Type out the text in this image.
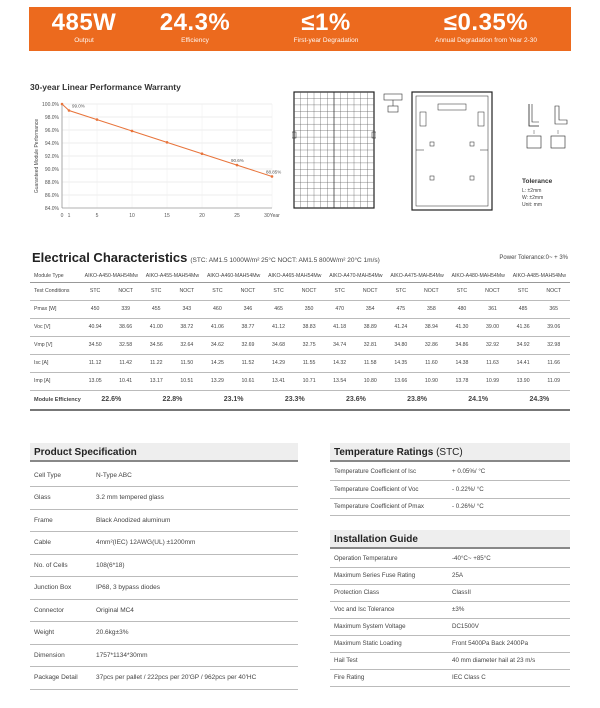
485W
Output
24.3%
Efficiency
≤1%
First-year Degradation
≤0.35%
Annual Degradation from Year 2-30
30-year Linear Performance Warranty
100.0%
98.0%
96.0%
94.0%
92.0%
90.0%
88.0%
86.0%
84.0%
0 1	5	10	15	20	25	30Year
Guaranteed Module Performance
99.0%
90.6%
88.85%
Tolerance
L: ±2mm
W: ±2mm
Unit: mm
Electrical Characteristics (STC: AM1.5 1000W/m² 25°C NOCT: AM1.5 800W/m² 20°C 1m/s)	Power Tolerance:0~ + 3%
Module Type	AIKO-A450-MAH54Mw		AIKO-A455-MAH54Mw		AIKO-A460-MAH54Mw		AIKO-A465-MAH54Mw		AIKO-A470-MAH54Mw		AIKO-A475-MAH54Mw		AIKO-A480-MAH54Mw		AIKO-A485-MAH54Mw	
Test Conditions	STC	NOCT	STC	NOCT	STC	NOCT	STC	NOCT	STC	NOCT	STC	NOCT	STC	NOCT	STC	NOCT
Pmax [W]	450	339	455	343	460	346	465	350	470	354	475	358	480	361	485	365
Voc [V]	40.94	38.66	41.00	38.72	41.06	38.77	41.12	38.83	41.18	38.89	41.24	38.94	41.30	39.00	41.36	39.06
Vmp [V]	34.50	32.58	34.56	32.64	34.62	32.69	34.68	32.75	34.74	32.81	34.80	32.86	34.86	32.92	34.92	32.98
Isc [A]	11.12	11.42	11.22	11.50	14.25	11.52	14.29	11.55	14.32	11.58	14.35	11.60	14.38	11.63	14.41	11.66
Imp [A]	13.05	10.41	13.17	10.51	13.29	10.61	13.41	10.71	13.54	10.80	13.66	10.90	13.78	10.99	13.90	11.09
Module Efficiency	22.6%		22.8%		23.1%		23.3%		23.6%		23.8%		24.1%		24.3%	
Product Specification
Cell Type	N-Type ABC
Glass	3.2 mm tempered glass
Frame	Black Anodized aluminum
Cable	4mm²(IEC) 12AWG(UL) ±1200mm
No. of Cells	108(6*18)
Junction Box	IP68, 3 bypass diodes
Connector	Original MC4
Weight	20.6kg±3%
Dimension	1757*1134*30mm
Package Detail	37pcs per pallet / 222pcs per 20'GP / 962pcs per 40'HC
Temperature Ratings (STC)
Temperature Coefficient of Isc	+ 0.05%/ °C
Temperature Coefficient of Voc	- 0.22%/ °C
Temperature Coefficient of Pmax	- 0.26%/ °C
Installation Guide
Operation Temperature	-40°C~ +85°C
Maximum Series Fuse Rating	25A
Protection Class	ClassII
Voc and Isc Tolerance	±3%
Maximum System Voltage	DC1500V
Maximum Static Loading	Front 5400Pa Back 2400Pa
Hail Test	40 mm diameter hail at 23 m/s
Fire Rating	IEC Class C
